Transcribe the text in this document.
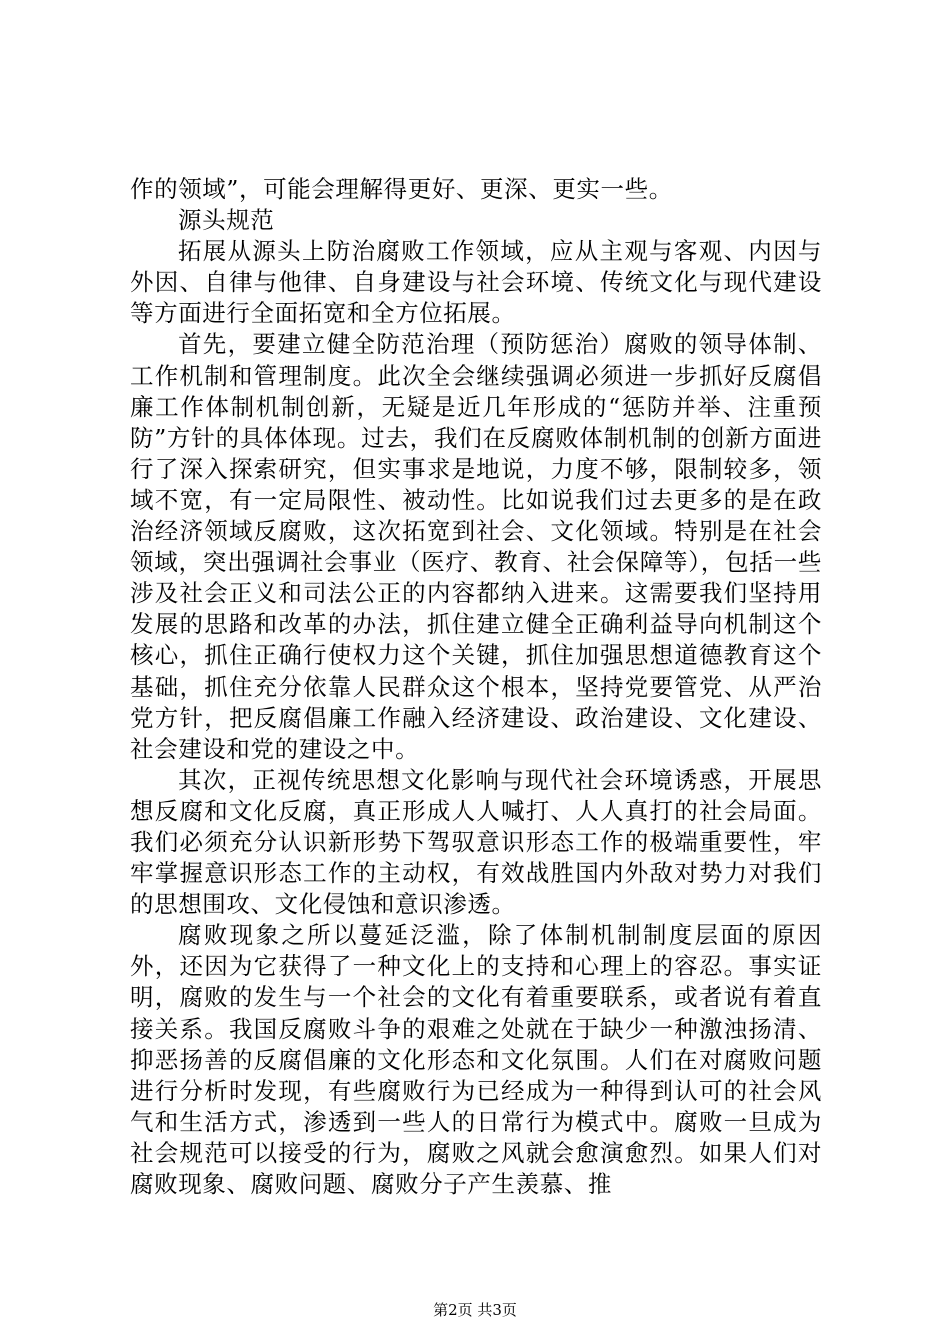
作的领域”，可能会理解得更好、更深、更实一些。

源头规范

拓展从源头上防治腐败工作领域，应从主观与客观、内因与外因、自律与他律、自身建设与社会环境、传统文化与现代建设等方面进行全面拓宽和全方位拓展。

首先，要建立健全防范治理（预防惩治）腐败的领导体制、工作机制和管理制度。此次全会继续强调必须进一步抓好反腐倡廉工作体制机制创新，无疑是近几年形成的“惩防并举、注重预防”方针的具体体现。过去，我们在反腐败体制机制的创新方面进行了深入探索研究，但实事求是地说，力度不够，限制较多，领域不宽，有一定局限性、被动性。比如说我们过去更多的是在政治经济领域反腐败，这次拓宽到社会、文化领域。特别是在社会领域，突出强调社会事业（医疗、教育、社会保障等），包括一些涉及社会正义和司法公正的内容都纳入进来。这需要我们坚持用发展的思路和改革的办法，抓住建立健全正确利益导向机制这个核心，抓住正确行使权力这个关键，抓住加强思想道德教育这个基础，抓住充分依靠人民群众这个根本，坚持党要管党、从严治党方针，把反腐倡廉工作融入经济建设、政治建设、文化建设、社会建设和党的建设之中。

其次，正视传统思想文化影响与现代社会环境诱惑，开展思想反腐和文化反腐，真正形成人人喊打、人人真打的社会局面。我们必须充分认识新形势下驾驭意识形态工作的极端重要性，牢牢掌握意识形态工作的主动权，有效战胜国内外敌对势力对我们的思想围攻、文化侵蚀和意识渗透。

腐败现象之所以蔓延泛滥，除了体制机制制度层面的原因外，还因为它获得了一种文化上的支持和心理上的容忍。事实证明，腐败的发生与一个社会的文化有着重要联系，或者说有着直接关系。我国反腐败斗争的艰难之处就在于缺少一种激浊扬清、抑恶扬善的反腐倡廉的文化形态和文化氛围。人们在对腐败问题进行分析时发现，有些腐败行为已经成为一种得到认可的社会风气和生活方式，渗透到一些人的日常行为模式中。腐败一旦成为社会规范可以接受的行为，腐败之风就会愈演愈烈。如果人们对腐败现象、腐败问题、腐败分子产生羡慕、推

第2页 共3页
